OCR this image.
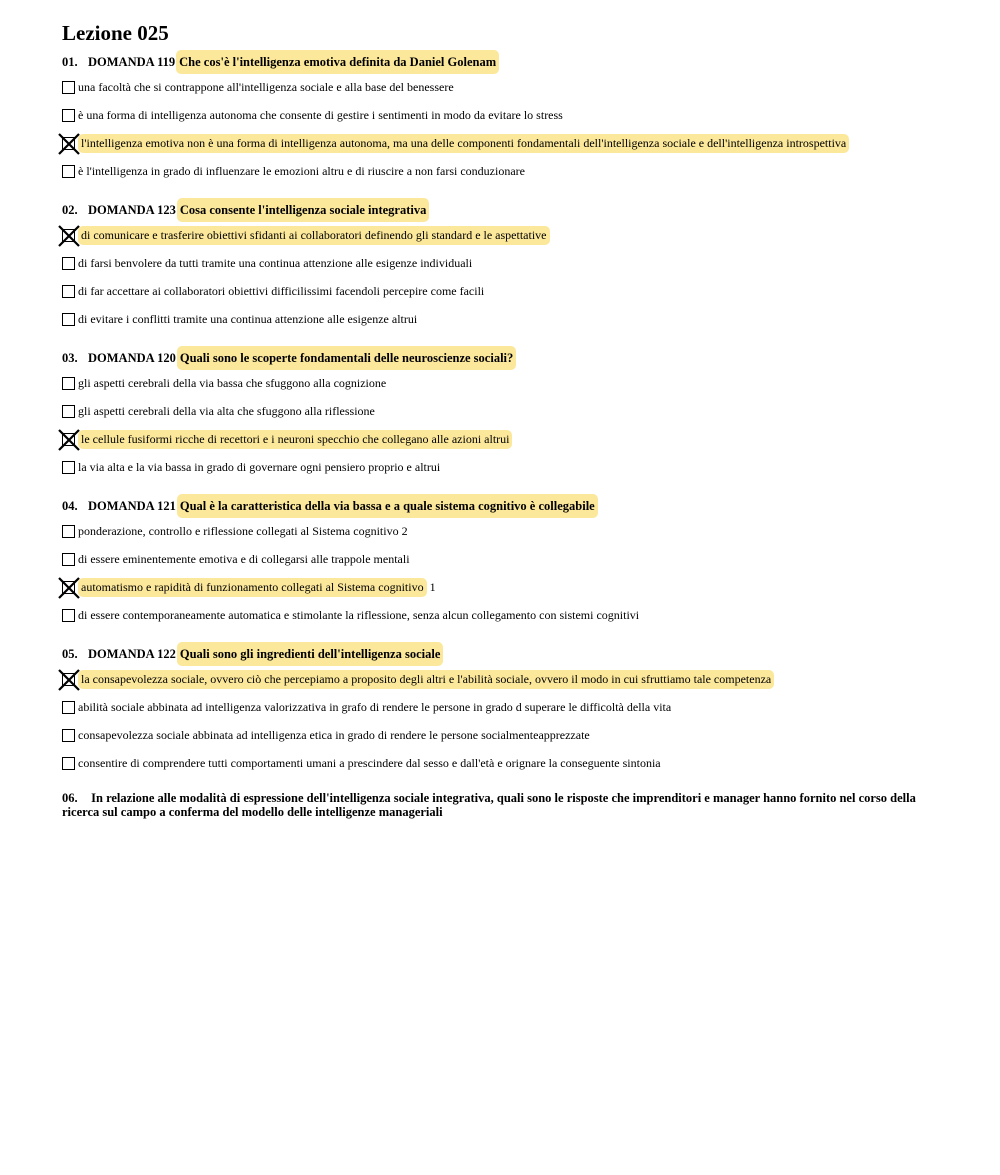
Lezione 025
01. DOMANDA 119 Che cos'è l'intelligenza emotiva definita da Daniel Golenam
una facoltà che si contrappone all'intelligenza sociale e alla base del benessere
è una forma di intelligenza autonoma che consente di gestire i sentimenti in modo da evitare lo stress
l'intelligenza emotiva non è una forma di intelligenza autonoma, ma una delle componenti fondamentali dell'intelligenza sociale e dell'intelligenza introspettiva
è l'intelligenza in grado di influenzare le emozioni altru e di riuscire a non farsi conduzionare
02. DOMANDA 123 Cosa consente l'intelligenza sociale integrativa
di comunicare e trasferire obiettivi sfidanti ai collaboratori definendo gli standard e le aspettative
di farsi benvolere da tutti tramite una continua attenzione alle esigenze individuali
di far accettare ai collaboratori obiettivi difficilissimi facendoli percepire come facili
di evitare i conflitti tramite una continua attenzione alle esigenze altrui
03. DOMANDA 120 Quali sono le scoperte fondamentali delle neuroscienze sociali?
gli aspetti cerebrali della via bassa che sfuggono alla cognizione
gli aspetti cerebrali della via alta che sfuggono alla riflessione
le cellule fusiformi ricche di recettori e i neuroni specchio che collegano alle azioni altrui
la via alta e la via bassa in grado di governare ogni pensiero proprio e altrui
04. DOMANDA 121 Qual è la caratteristica della via bassa e a quale sistema cognitivo è collegabile
ponderazione, controllo e riflessione collegati al Sistema cognitivo 2
di essere eminentemente emotiva e di collegarsi alle trappole mentali
automatismo e rapidità di funzionamento collegati al Sistema cognitivo 1
di essere contemporaneamente automatica e stimolante la riflessione, senza alcun collegamento con sistemi cognitivi
05. DOMANDA 122 Quali sono gli ingredienti dell'intelligenza sociale
la consapevolezza sociale, ovvero ciò che percepiamo a proposito degli altri e l'abilità sociale, ovvero il modo in cui sfruttiamo tale competenza
abilità sociale abbinata ad intelligenza valorizzativa in grafo di rendere le persone in grado d superare le difficoltà della vita
consapevolezza sociale abbinata ad intelligenza etica in grado di rendere le persone socialmenteapprezzate
consentire di comprendere tutti comportamenti umani a prescindere dal sesso e dall'età e orignare la conseguente sintonia
06. In relazione alle modalità di espressione dell'intelligenza sociale integrativa, quali sono le risposte che imprenditori e manager hanno fornito nel corso della ricerca sul campo a conferma del modello delle intelligenze manageriali
